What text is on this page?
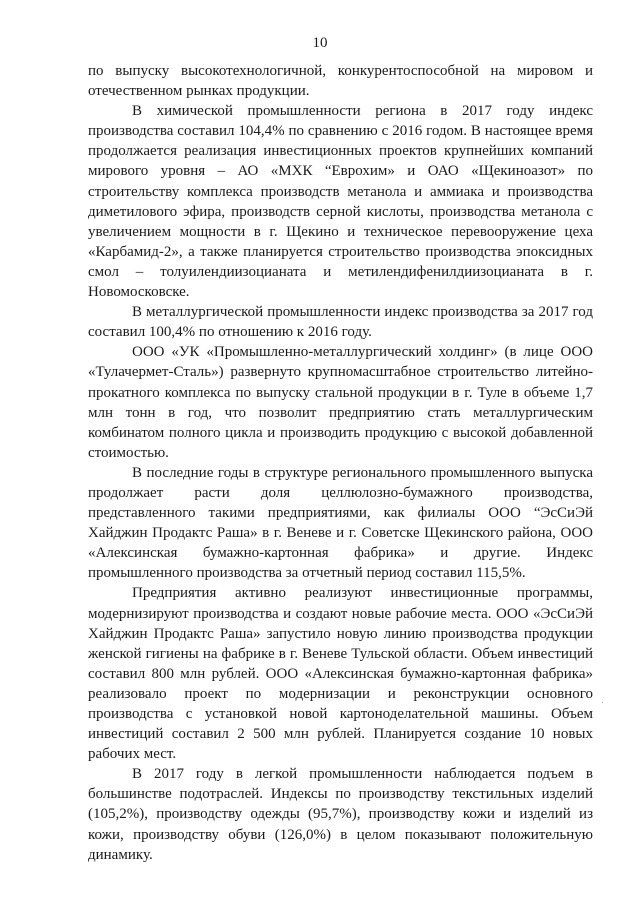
10

по выпуску высокотехнологичной, конкурентоспособной на мировом и отечественном рынках продукции.

В химической промышленности региона в 2017 году индекс производства составил 104,4% по сравнению с 2016 годом. В настоящее время продолжается реализация инвестиционных проектов крупнейших компаний мирового уровня – АО «МХК “Еврохим» и ОАО «Щекиноазот» по строительству комплекса производств метанола и аммиака и производства диметилового эфира, производств серной кислоты, производства метанола с увеличением мощности в г. Щекино и техническое перевооружение цеха «Карбамид-2», а также планируется строительство производства эпоксидных смол – толуилендиизоцианата и метилендифенилдиизоцианата в г. Новомосковске.

В металлургической промышленности индекс производства за 2017 год составил 100,4% по отношению к 2016 году.

ООО «УК «Промышленно-металлургический холдинг» (в лице ООО «Тулачермет-Сталь») развернуто крупномасштабное строительство литейно-прокатного комплекса по выпуску стальной продукции в г. Туле в объеме 1,7 млн тонн в год, что позволит предприятию стать металлургическим комбинатом полного цикла и производить продукцию с высокой добавленной стоимостью.

В последние годы в структуре регионального промышленного выпуска продолжает расти доля целлюлозно-бумажного производства, представленного такими предприятиями, как филиалы ООО “ЭсСиЭй Хайджин Продактс Раша» в г. Веневе и г. Советске Щекинского района, ООО «Алексинская бумажно-картонная фабрика» и другие. Индекс промышленного производства за отчетный период составил 115,5%.

Предприятия активно реализуют инвестиционные программы, модернизируют производства и создают новые рабочие места. ООО «ЭсСиЭй Хайджин Продактс Раша» запустило новую линию производства продукции женской гигиены на фабрике в г. Веневе Тульской области. Объем инвестиций составил 800 млн рублей. ООО «Алексинская бумажно-картонная фабрика» реализовало проект по модернизации и реконструкции основного производства с установкой новой картоноделательной машины. Объем инвестиций составил 2 500 млн рублей. Планируется создание 10 новых рабочих мест.

В 2017 году в легкой промышленности наблюдается подъем в большинстве подотраслей. Индексы по производству текстильных изделий (105,2%), производству одежды (95,7%), производству кожи и изделий из кожи, производству обуви (126,0%) в целом показывают положительную динамику.
